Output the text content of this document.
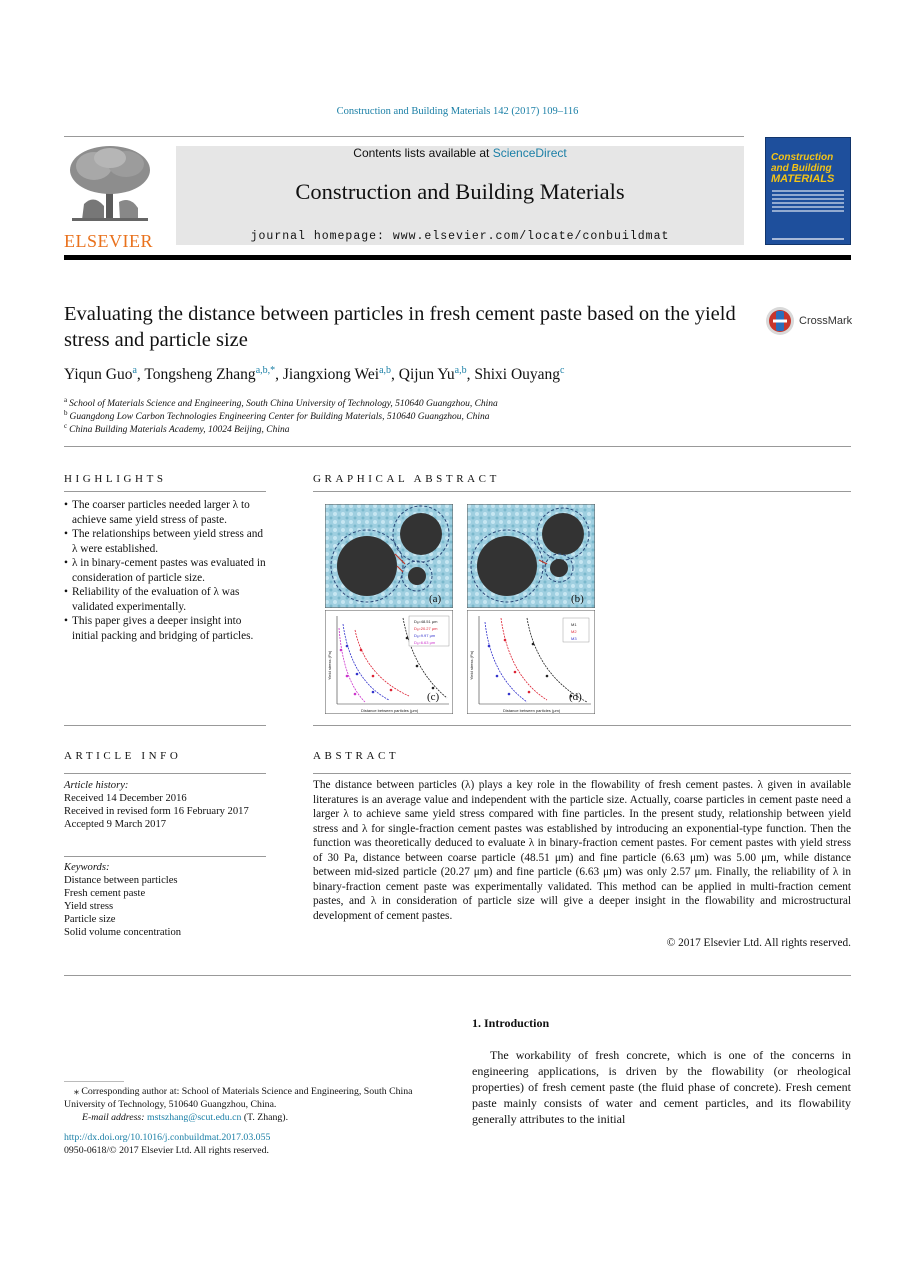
Construction and Building Materials 142 (2017) 109–116
ELSEVIER
Contents lists available at ScienceDirect
Construction and Building Materials
journal homepage: www.elsevier.com/locate/conbuildmat
Construction
and Building
MATERIALS
Evaluating the distance between particles in fresh cement paste based on the yield stress and particle size
CrossMark
Yiqun Guo$^a$, Tongsheng Zhang$^{a,b,*}$, Jiangxiong Wei$^{a,b}$, Qijun Yu$^{a,b}$, Shixi Ouyang$^c$
$^a$ School of Materials Science and Engineering, South China University of Technology, 510640 Guangzhou, China
$^b$ Guangdong Low Carbon Technologies Engineering Center for Building Materials, 510640 Guangzhou, China
$^c$ China Building Materials Academy, 10024 Beijing, China
HIGHLIGHTS
• The coarser particles needed larger λ to achieve same yield stress of paste.
• The relationships between yield stress and λ were established.
• λ in binary-cement pastes was evaluated in consideration of particle size.
• Reliability of the evaluation of λ was validated experimentally.
• This paper gives a deeper insight into initial packing and bridging of particles.
GRAPHICAL ABSTRACT
(a)	(b)
Dₐ=48.51 μm
Dₐ=20.27 μm
Dₐ=9.97 μm
Dₐ=6.63 μm
(c)
Distance between particles (μm)
Yield stress (Pa)
M1
M2
M3
(d)
Distance between particles (μm)
Yield stress (Pa)
ARTICLE INFO
Article history:
Received 14 December 2016
Received in revised form 16 February 2017
Accepted 9 March 2017
Keywords:
Distance between particles
Fresh cement paste
Yield stress
Particle size
Solid volume concentration
ABSTRACT
The distance between particles (λ) plays a key role in the flowability of fresh cement pastes. λ given in available literatures is an average value and independent with the particle size. Actually, coarse particles in cement paste need a larger λ to achieve same yield stress compared with fine particles. In the present study, relationship between yield stress and λ for single-fraction cement pastes was established by introducing an exponential-type function. Then the function was theoretically deduced to evaluate λ in binary-fraction cement pastes. For cement pastes with yield stress of 30 Pa, distance between coarse particle (48.51 μm) and fine particle (6.63 μm) was 5.00 μm, while distance between mid-sized particle (20.27 μm) and fine particle (6.63 μm) was only 2.57 μm. Finally, the reliability of λ in binary-fraction cement paste was experimentally validated. This method can be applied in multi-fraction cement pastes, and λ in consideration of particle size will give a deeper insight in the flowability and microstructural development of cement pastes.
© 2017 Elsevier Ltd. All rights reserved.
1. Introduction
The workability of fresh concrete, which is one of the concerns in engineering applications, is driven by the flowability (or rheological properties) of fresh cement paste (the fluid phase of concrete). Fresh cement paste mainly consists of water and cement particles, and its flowability generally attributes to the initial
⁎ Corresponding author at: School of Materials Science and Engineering, South China University of Technology, 510640 Guangzhou, China.
E-mail address: mstszhang@scut.edu.cn (T. Zhang).
http://dx.doi.org/10.1016/j.conbuildmat.2017.03.055
0950-0618/© 2017 Elsevier Ltd. All rights reserved.
